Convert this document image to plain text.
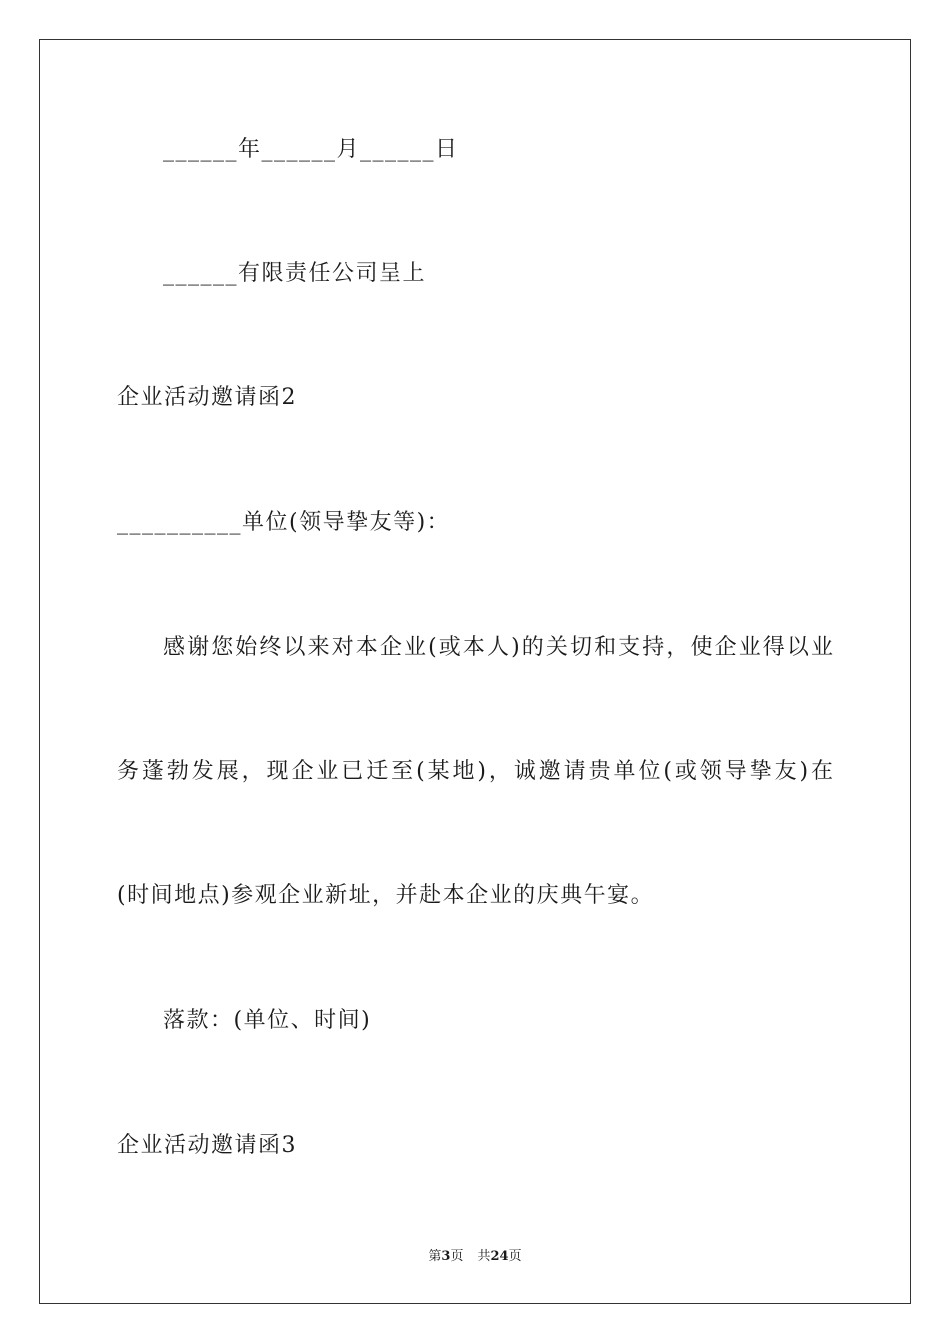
______年______月______日
______有限责任公司呈上
企业活动邀请函2
__________单位(领导挚友等)：
感谢您始终以来对本企业(或本人)的关切和支持，使企业得以业
务蓬勃发展，现企业已迁至(某地)，诚邀请贵单位(或领导挚友)在
(时间地点)参观企业新址，并赴本企业的庆典午宴。
落款：(单位、时间)
企业活动邀请函3
第3页 共24页
